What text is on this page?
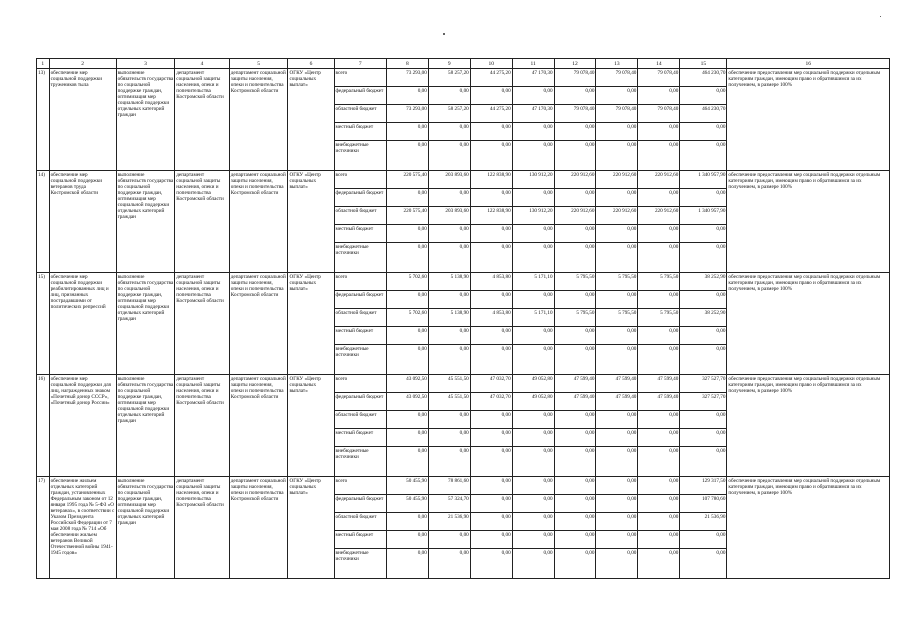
1	2	3	4	5	6	7	8	9	10	11	12	13	14	15	16
13)	обеспечение мер социальной поддержки тружеников тыла	выполнение обязательств государства по социальной поддержке граждан, оптимизация мер социальной поддержки отдельных категорий граждан	департамент социальной защиты населения, опеки и попечительства Костромской области	департамент социальной защиты населения, опеки и попечительства Костромской области	ОГКУ «Центр социальных выплат»	всего	73 293,00	58 257,20	44 275,20	47 170,30	79 078,40	79 078,40	79 078,40	464 230,70	обеспечение предоставления мер социальной поддержки отдельным категориям граждан, имеющим право и обратившимся за их получением, в размере 100%
						федеральный бюджет	0,00	0,00	0,00	0,00	0,00	0,00	0,00	0,00	
						областной бюджет	73 293,00	58 257,20	44 275,20	47 170,30	79 078,40	79 078,40	79 078,40	464 230,70	
						местный бюджет	0,00	0,00	0,00	0,00	0,00	0,00	0,00	0,00	
						внебюджетные источники	0,00	0,00	0,00	0,00	0,00	0,00	0,00	0,00	
14)	обеспечение мер социальной поддержки ветеранов труда Костромской области	выполнение обязательств государства по социальной поддержке граждан, оптимизация мер социальной поддержки отдельных категорий граждан	департамент социальной защиты населения, опеки и попечительства Костромской области	департамент социальной защиты населения, опеки и попечительства Костромской области	ОГКУ «Центр социальных выплат»	всего	220 575,40	203 893,60	122 838,90	130 912,20	220 912,60	220 912,60	220 912,60	1 340 957,90	обеспечение предоставления мер социальной поддержки отдельным категориям граждан, имеющим право и обратившимся за их получением, в размере 100%
						федеральный бюджет	0,00	0,00	0,00	0,00	0,00	0,00	0,00	0,00	
						областной бюджет	220 575,40	203 893,60	122 838,90	130 912,20	220 912,60	220 912,60	220 912,60	1 340 957,90	
						местный бюджет	0,00	0,00	0,00	0,00	0,00	0,00	0,00	0,00	
						внебюджетные источники	0,00	0,00	0,00	0,00	0,00	0,00	0,00	0,00	
15)	обеспечение мер социальной поддержки реабилитированных лиц и лиц, признанных пострадавшими от политических репрессий	выполнение обязательств государства по социальной поддержке граждан, оптимизация мер социальной поддержки отдельных категорий граждан	департамент социальной защиты населения, опеки и попечительства Костромской области	департамент социальной защиты населения, опеки и попечительства Костромской области	ОГКУ «Центр социальных выплат»	всего	5 702,60	5 138,90	4 853,80	5 171,10	5 795,50	5 795,50	5 795,50	38 252,90	обеспечение предоставления мер социальной поддержки отдельным категориям граждан, имеющим право и обратившимся за их получением, в размере 100%
						федеральный бюджет	0,00	0,00	0,00	0,00	0,00	0,00	0,00	0,00	
						областной бюджет	5 702,60	5 138,90	4 853,80	5 171,10	5 795,50	5 795,50	5 795,50	38 252,90	
						местный бюджет	0,00	0,00	0,00	0,00	0,00	0,00	0,00	0,00	
						внебюджетные источники	0,00	0,00	0,00	0,00	0,00	0,00	0,00	0,00	
16)	обеспечение мер социальной поддержки для лиц, награжденных знаком «Почетный донор СССР», «Почетный донор России»	выполнение обязательств государства по социальной поддержке граждан, оптимизация мер социальной поддержки отдельных категорий граждан	департамент социальной защиты населения, опеки и попечительства Костромской области	департамент социальной защиты населения, опеки и попечительства Костромской области	ОГКУ «Центр социальных выплат»	всего	43 092,50	45 551,50	47 032,70	49 052,80	47 599,40	47 599,40	47 599,40	327 527,70	обеспечение предоставления мер социальной поддержки отдельным категориям граждан, имеющим право и обратившимся за их получением, в размере 100%
						федеральный бюджет	43 092,50	45 551,50	47 032,70	49 052,80	47 599,40	47 599,40	47 599,40	327 527,70	
						областной бюджет	0,00	0,00	0,00	0,00	0,00	0,00	0,00	0,00	
						местный бюджет	0,00	0,00	0,00	0,00	0,00	0,00	0,00	0,00	
						внебюджетные источники	0,00	0,00	0,00	0,00	0,00	0,00	0,00	0,00	
17)	обеспечение жильем отдельных категорий граждан, установленных Федеральным законом от 12 января 1995 года № 5-ФЗ «О ветеранах», в соответствии с Указом Президента Российской Федерации от 7 мая 2008 года № 714 «Об обеспечении жильем ветеранов Великой Отечественной войны 1941-1945 годов»	выполнение обязательств государства по социальной поддержке граждан, оптимизация мер социальной поддержки отдельных категорий граждан	департамент социальной защиты населения, опеки и попечительства Костромской области	департамент социальной защиты населения, опеки и попечительства Костромской области	ОГКУ «Центр социальных выплат»	всего	50 455,90	78 861,60	0,00	0,00	0,00	0,00	0,00	129 317,50	обеспечение предоставления мер социальной поддержки отдельным категориям граждан, имеющим право и обратившимся за их получением, в размере 100%
						федеральный бюджет	50 455,90	57 324,70	0,00	0,00	0,00	0,00	0,00	107 780,60	
						областной бюджет	0,00	21 536,90	0,00	0,00	0,00	0,00	0,00	21 536,90	
						местный бюджет	0,00	0,00	0,00	0,00	0,00	0,00	0,00	0,00	
						внебюджетные источники	0,00	0,00	0,00	0,00	0,00	0,00	0,00	0,00	
